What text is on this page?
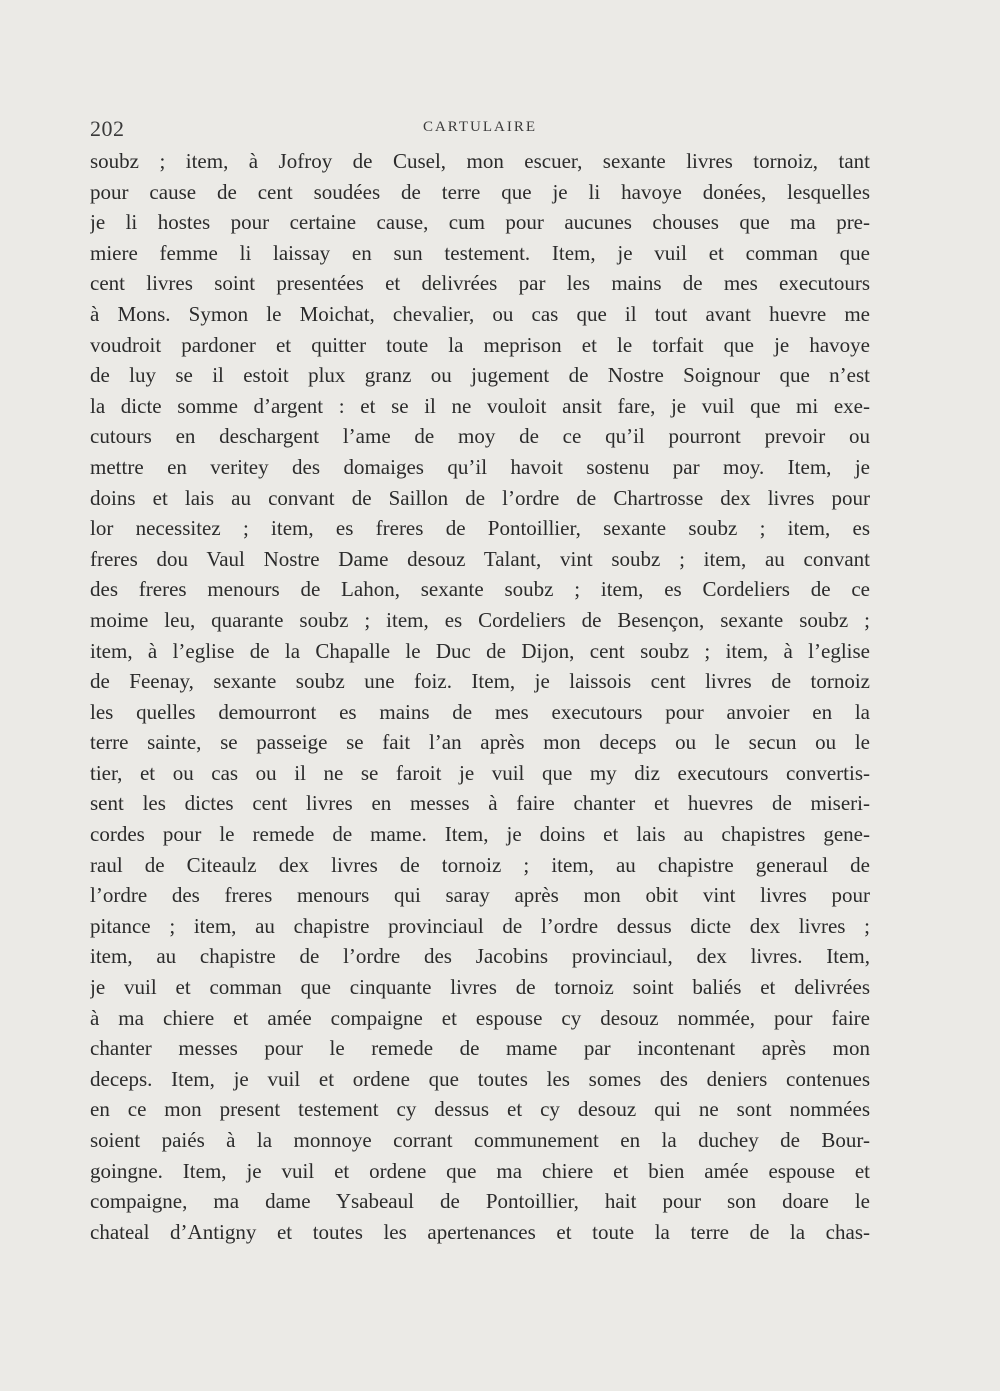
202	CARTULAIRE
soubz ; item, à Jofroy de Cusel, mon escuer, sexante livres tornoiz, tant
pour cause de cent soudées de terre que je li havoye donées, lesquelles
je li hostes pour certaine cause, cum pour aucunes chouses que ma pre-
miere femme li laissay en sun testement. Item, je vuil et comman que
cent livres soint presentées et delivrées par les mains de mes executours
à Mons. Symon le Moichat, chevalier, ou cas que il tout avant huevre me
voudroit pardoner et quitter toute la meprison et le torfait que je havoye
de luy se il estoit plux granz ou jugement de Nostre Soignour que n’est
la dicte somme d’argent : et se il ne vouloit ansit fare, je vuil que mi exe-
cutours en deschargent l’ame de moy de ce qu’il pourront prevoir ou
mettre en veritey des domaiges qu’il havoit sostenu par moy. Item, je
doins et lais au convant de Saillon de l’ordre de Chartrosse dex livres pour
lor necessitez ; item, es freres de Pontoillier, sexante soubz ; item, es
freres dou Vaul Nostre Dame desouz Talant, vint soubz ; item, au convant
des freres menours de Lahon, sexante soubz ; item, es Cordeliers de ce
moime leu, quarante soubz ; item, es Cordeliers de Besençon, sexante soubz ;
item, à l’eglise de la Chapalle le Duc de Dijon, cent soubz ; item, à l’eglise
de Feenay, sexante soubz une foiz. Item, je laissois cent livres de tornoiz
les quelles demourront es mains de mes executours pour anvoier en la
terre sainte, se passeige se fait l’an après mon deceps ou le secun ou le
tier, et ou cas ou il ne se faroit je vuil que my diz executours convertis-
sent les dictes cent livres en messes à faire chanter et huevres de miseri-
cordes pour le remede de mame. Item, je doins et lais au chapistres gene-
raul de Citeaulz dex livres de tornoiz ; item, au chapistre generaul de
l’ordre des freres menours qui saray après mon obit vint livres pour
pitance ; item, au chapistre provinciaul de l’ordre dessus dicte dex livres ;
item, au chapistre de l’ordre des Jacobins provinciaul, dex livres. Item,
je vuil et comman que cinquante livres de tornoiz soint baliés et delivrées
à ma chiere et amée compaigne et espouse cy desouz nommée, pour faire
chanter messes pour le remede de mame par incontenant après mon
deceps. Item, je vuil et ordene que toutes les somes des deniers contenues
en ce mon present testement cy dessus et cy desouz qui ne sont nommées
soient paiés à la monnoye corrant communement en la duchey de Bour-
goingne. Item, je vuil et ordene que ma chiere et bien amée espouse et
compaigne, ma dame Ysabeaul de Pontoillier, hait pour son doare le
chateal d’Antigny et toutes les apertenances et toute la terre de la chas-
